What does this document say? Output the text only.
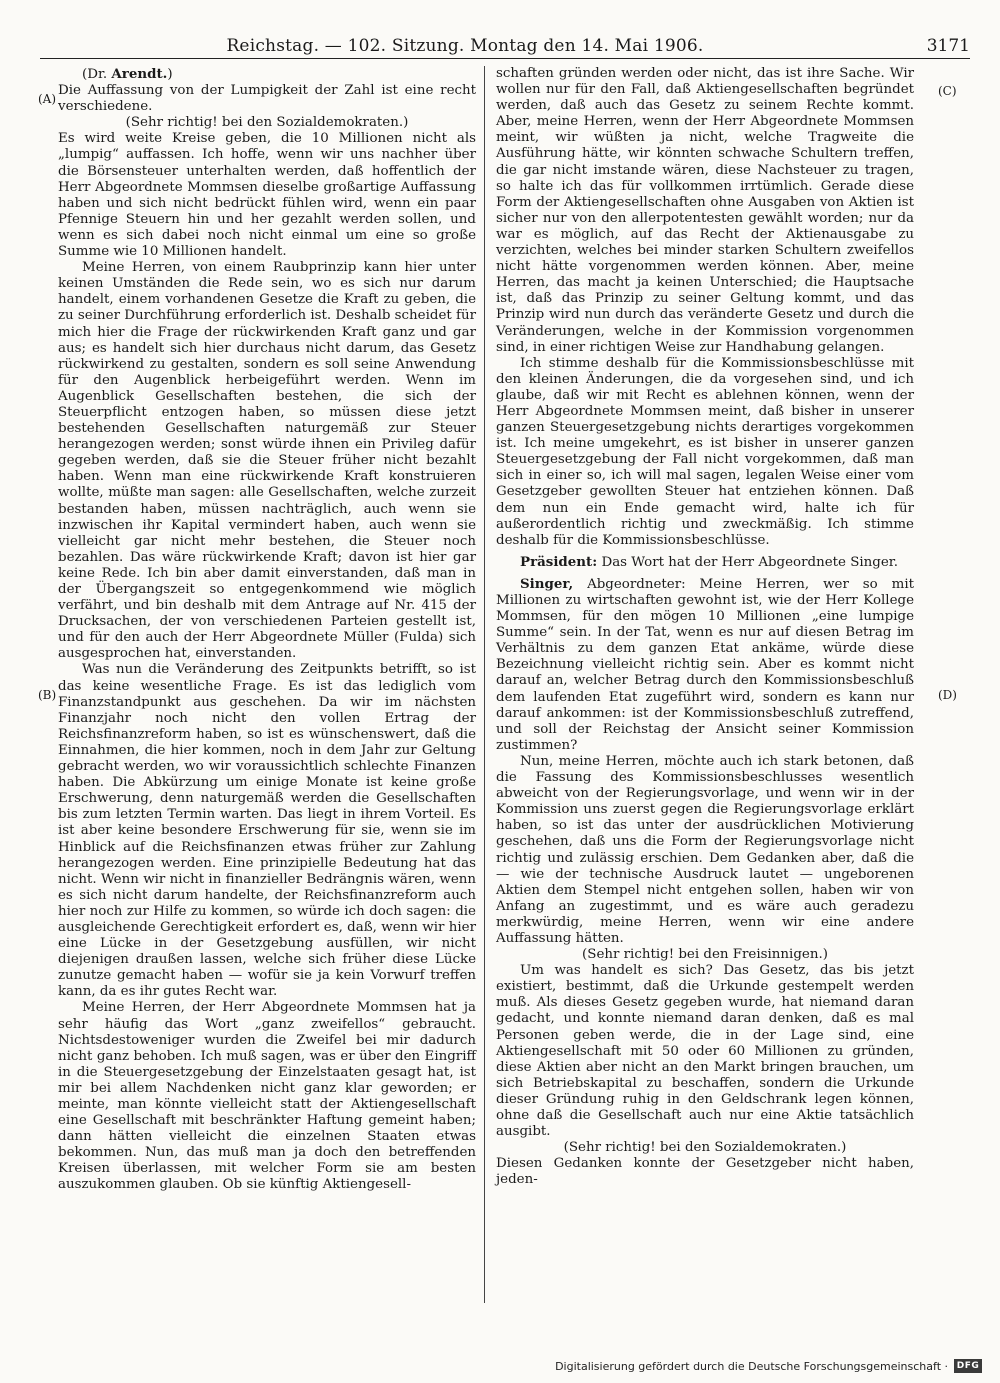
Reichstag. — 102. Sitzung. Montag den 14. Mai 1906.	3171
(A)
(B)
(C)
(D)

(Dr. Arendt.)

Die Auffassung von der Lumpigkeit der Zahl ist eine recht verschiedene.

(Sehr richtig! bei den Sozialdemokraten.)

Es wird weite Kreise geben, die 10 Millionen nicht als „lumpig“ auffassen. Ich hoffe, wenn wir uns nachher über die Börsensteuer unterhalten werden, daß hoffentlich der Herr Abgeordnete Mommsen dieselbe großartige Auffassung haben und sich nicht bedrückt fühlen wird, wenn ein paar Pfennige Steuern hin und her gezahlt werden sollen, und wenn es sich dabei noch nicht einmal um eine so große Summe wie 10 Millionen handelt.

Meine Herren, von einem Raubprinzip kann hier unter keinen Umständen die Rede sein, wo es sich nur darum handelt, einem vorhandenen Gesetze die Kraft zu geben, die zu seiner Durchführung erforderlich ist. Deshalb scheidet für mich hier die Frage der rückwirkenden Kraft ganz und gar aus; es handelt sich hier durchaus nicht darum, das Gesetz rückwirkend zu gestalten, sondern es soll seine Anwendung für den Augenblick herbeigeführt werden. Wenn im Augenblick Gesellschaften bestehen, die sich der Steuerpflicht entzogen haben, so müssen diese jetzt bestehenden Gesellschaften naturgemäß zur Steuer herangezogen werden; sonst würde ihnen ein Privileg dafür gegeben werden, daß sie die Steuer früher nicht bezahlt haben. Wenn man eine rückwirkende Kraft konstruieren wollte, müßte man sagen: alle Gesellschaften, welche zurzeit bestanden haben, müssen nachträglich, auch wenn sie inzwischen ihr Kapital vermindert haben, auch wenn sie vielleicht gar nicht mehr bestehen, die Steuer noch bezahlen. Das wäre rückwirkende Kraft; davon ist hier gar keine Rede. Ich bin aber damit einverstanden, daß man in der Übergangszeit so entgegenkommend wie möglich verfährt, und bin deshalb mit dem Antrage auf Nr. 415 der Drucksachen, der von verschiedenen Parteien gestellt ist, und für den auch der Herr Abgeordnete Müller (Fulda) sich ausgesprochen hat, einverstanden.

Was nun die Veränderung des Zeitpunkts betrifft, so ist das keine wesentliche Frage. Es ist das lediglich vom Finanzstandpunkt aus geschehen. Da wir im nächsten Finanzjahr noch nicht den vollen Ertrag der Reichsfinanzreform haben, so ist es wünschenswert, daß die Einnahmen, die hier kommen, noch in dem Jahr zur Geltung gebracht werden, wo wir voraussichtlich schlechte Finanzen haben. Die Abkürzung um einige Monate ist keine große Erschwerung, denn naturgemäß werden die Gesellschaften bis zum letzten Termin warten. Das liegt in ihrem Vorteil. Es ist aber keine besondere Erschwerung für sie, wenn sie im Hinblick auf die Reichsfinanzen etwas früher zur Zahlung herangezogen werden. Eine prinzipielle Bedeutung hat das nicht. Wenn wir nicht in finanzieller Bedrängnis wären, wenn es sich nicht darum handelte, der Reichsfinanzreform auch hier noch zur Hilfe zu kommen, so würde ich doch sagen: die ausgleichende Gerechtigkeit erfordert es, daß, wenn wir hier eine Lücke in der Gesetzgebung ausfüllen, wir nicht diejenigen draußen lassen, welche sich früher diese Lücke zunutze gemacht haben — wofür sie ja kein Vorwurf treffen kann, da es ihr gutes Recht war.

Meine Herren, der Herr Abgeordnete Mommsen hat ja sehr häufig das Wort „ganz zweifellos“ gebraucht. Nichtsdestoweniger wurden die Zweifel bei mir dadurch nicht ganz behoben. Ich muß sagen, was er über den Eingriff in die Steuergesetzgebung der Einzelstaaten gesagt hat, ist mir bei allem Nachdenken nicht ganz klar geworden; er meinte, man könnte vielleicht statt der Aktiengesellschaft eine Gesellschaft mit beschränkter Haftung gemeint haben; dann hätten vielleicht die einzelnen Staaten etwas bekommen. Nun, das muß man ja doch den betreffenden Kreisen überlassen, mit welcher Form sie am besten auszukommen glauben. Ob sie künftig Aktiengesell-

schaften gründen werden oder nicht, das ist ihre Sache. Wir wollen nur für den Fall, daß Aktiengesellschaften begründet werden, daß auch das Gesetz zu seinem Rechte kommt. Aber, meine Herren, wenn der Herr Abgeordnete Mommsen meint, wir wüßten ja nicht, welche Tragweite die Ausführung hätte, wir könnten schwache Schultern treffen, die gar nicht imstande wären, diese Nachsteuer zu tragen, so halte ich das für vollkommen irrtümlich. Gerade diese Form der Aktiengesellschaften ohne Ausgaben von Aktien ist sicher nur von den allerpotentesten gewählt worden; nur da war es möglich, auf das Recht der Aktienausgabe zu verzichten, welches bei minder starken Schultern zweifellos nicht hätte vorgenommen werden können. Aber, meine Herren, das macht ja keinen Unterschied; die Hauptsache ist, daß das Prinzip zu seiner Geltung kommt, und das Prinzip wird nun durch das veränderte Gesetz und durch die Veränderungen, welche in der Kommission vorgenommen sind, in einer richtigen Weise zur Handhabung gelangen.

Ich stimme deshalb für die Kommissionsbeschlüsse mit den kleinen Änderungen, die da vorgesehen sind, und ich glaube, daß wir mit Recht es ablehnen können, wenn der Herr Abgeordnete Mommsen meint, daß bisher in unserer ganzen Steuergesetzgebung nichts derartiges vorgekommen ist. Ich meine umgekehrt, es ist bisher in unserer ganzen Steuergesetzgebung der Fall nicht vorgekommen, daß man sich in einer so, ich will mal sagen, legalen Weise einer vom Gesetzgeber gewollten Steuer hat entziehen können. Daß dem nun ein Ende gemacht wird, halte ich für außerordentlich richtig und zweckmäßig. Ich stimme deshalb für die Kommissionsbeschlüsse.

Präsident: Das Wort hat der Herr Abgeordnete Singer.

Singer, Abgeordneter: Meine Herren, wer so mit Millionen zu wirtschaften gewohnt ist, wie der Herr Kollege Mommsen, für den mögen 10 Millionen „eine lumpige Summe“ sein. In der Tat, wenn es nur auf diesen Betrag im Verhältnis zu dem ganzen Etat ankäme, würde diese Bezeichnung vielleicht richtig sein. Aber es kommt nicht darauf an, welcher Betrag durch den Kommissionsbeschluß dem laufenden Etat zugeführt wird, sondern es kann nur darauf ankommen: ist der Kommissionsbeschluß zutreffend, und soll der Reichstag der Ansicht seiner Kommission zustimmen?

Nun, meine Herren, möchte auch ich stark betonen, daß die Fassung des Kommissionsbeschlusses wesentlich abweicht von der Regierungsvorlage, und wenn wir in der Kommission uns zuerst gegen die Regierungsvorlage erklärt haben, so ist das unter der ausdrücklichen Motivierung geschehen, daß uns die Form der Regierungsvorlage nicht richtig und zulässig erschien. Dem Gedanken aber, daß die — wie der technische Ausdruck lautet — ungeborenen Aktien dem Stempel nicht entgehen sollen, haben wir von Anfang an zugestimmt, und es wäre auch geradezu merkwürdig, meine Herren, wenn wir eine andere Auffassung hätten.

(Sehr richtig! bei den Freisinnigen.)

Um was handelt es sich? Das Gesetz, das bis jetzt existiert, bestimmt, daß die Urkunde gestempelt werden muß. Als dieses Gesetz gegeben wurde, hat niemand daran gedacht, und konnte niemand daran denken, daß es mal Personen geben werde, die in der Lage sind, eine Aktiengesellschaft mit 50 oder 60 Millionen zu gründen, diese Aktien aber nicht an den Markt bringen brauchen, um sich Betriebskapital zu beschaffen, sondern die Urkunde dieser Gründung ruhig in den Geldschrank legen können, ohne daß die Gesellschaft auch nur eine Aktie tatsächlich ausgibt.

(Sehr richtig! bei den Sozialdemokraten.)

Diesen Gedanken konnte der Gesetzgeber nicht haben, jeden-

Digitalisierung gefördert durch die Deutsche Forschungsgemeinschaft · DFG
